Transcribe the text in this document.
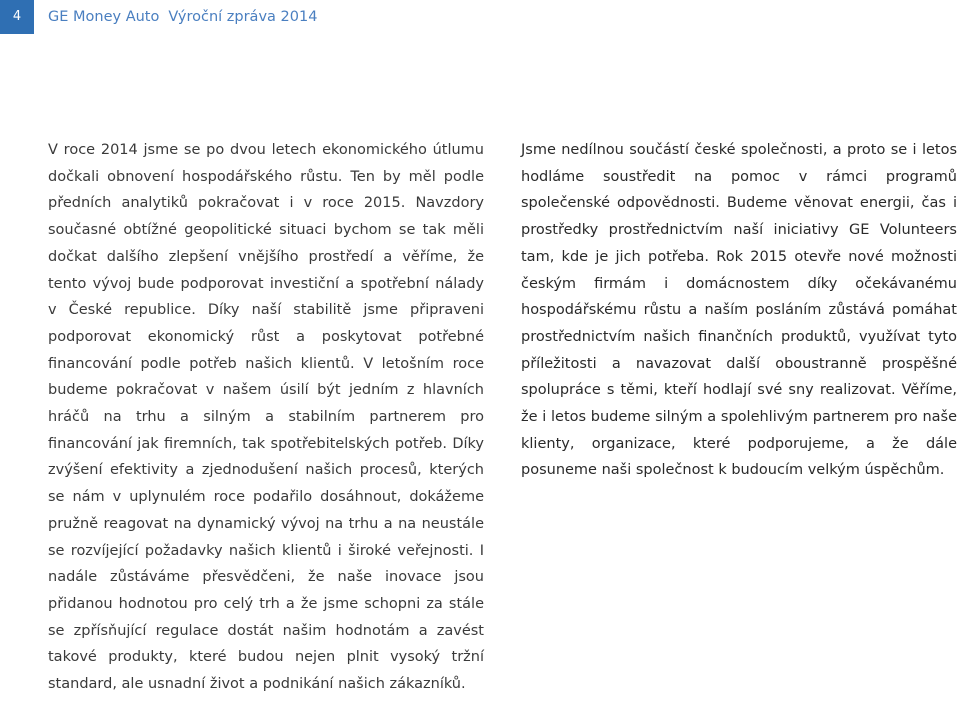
4	GE Money Auto Výroční zpráva 2014

V roce 2014 jsme se po dvou letech ekonomického útlumu dočkali obnovení hospodářského růstu. Ten by měl podle předních analytiků pokračovat i v roce 2015. Navzdory současné obtížné geopolitické situaci bychom se tak měli dočkat dalšího zlepšení vnějšího prostředí a věříme, že tento vývoj bude podporovat investiční a spotřební nálady v České republice. Díky naší stabilitě jsme připraveni podporovat ekonomický růst a poskytovat potřebné financování podle potřeb našich klientů. V letošním roce budeme pokračovat v našem úsilí být jedním z hlavních hráčů na trhu a silným a stabilním partnerem pro financování jak firemních, tak spotřebitelských potřeb. Díky zvýšení efektivity a zjednodušení našich procesů, kterých se nám v uplynulém roce podařilo dosáhnout, dokážeme pružně reagovat na dynamický vývoj na trhu a na neustále se rozvíjející požadavky našich klientů i široké veřejnosti. I nadále zůstáváme přesvědčeni, že naše inovace jsou přidanou hodnotou pro celý trh a že jsme schopni za stále se zpřísňující regulace dostát našim hodnotám a zavést takové produkty, které budou nejen plnit vysoký tržní standard, ale usnadní život a podnikání našich zákazníků.

Jsme nedílnou součástí české společnosti, a proto se i letos hodláme soustředit na pomoc v rámci programů společenské odpovědnosti. Budeme věnovat energii, čas i prostředky prostřednictvím naší iniciativy GE Volunteers tam, kde je jich potřeba. Rok 2015 otevře nové možnosti českým firmám i domácnostem díky očekávanému hospodářskému růstu a naším posláním zůstává pomáhat prostřednictvím našich finančních produktů, využívat tyto příležitosti a navazovat další oboustranně prospěšné spolupráce s těmi, kteří hodlají své sny realizovat. Věříme, že i letos budeme silným a spolehlivým partnerem pro naše klienty, organizace, které podporujeme, a že dále posuneme naši společnost k budoucím velkým úspěchům.
